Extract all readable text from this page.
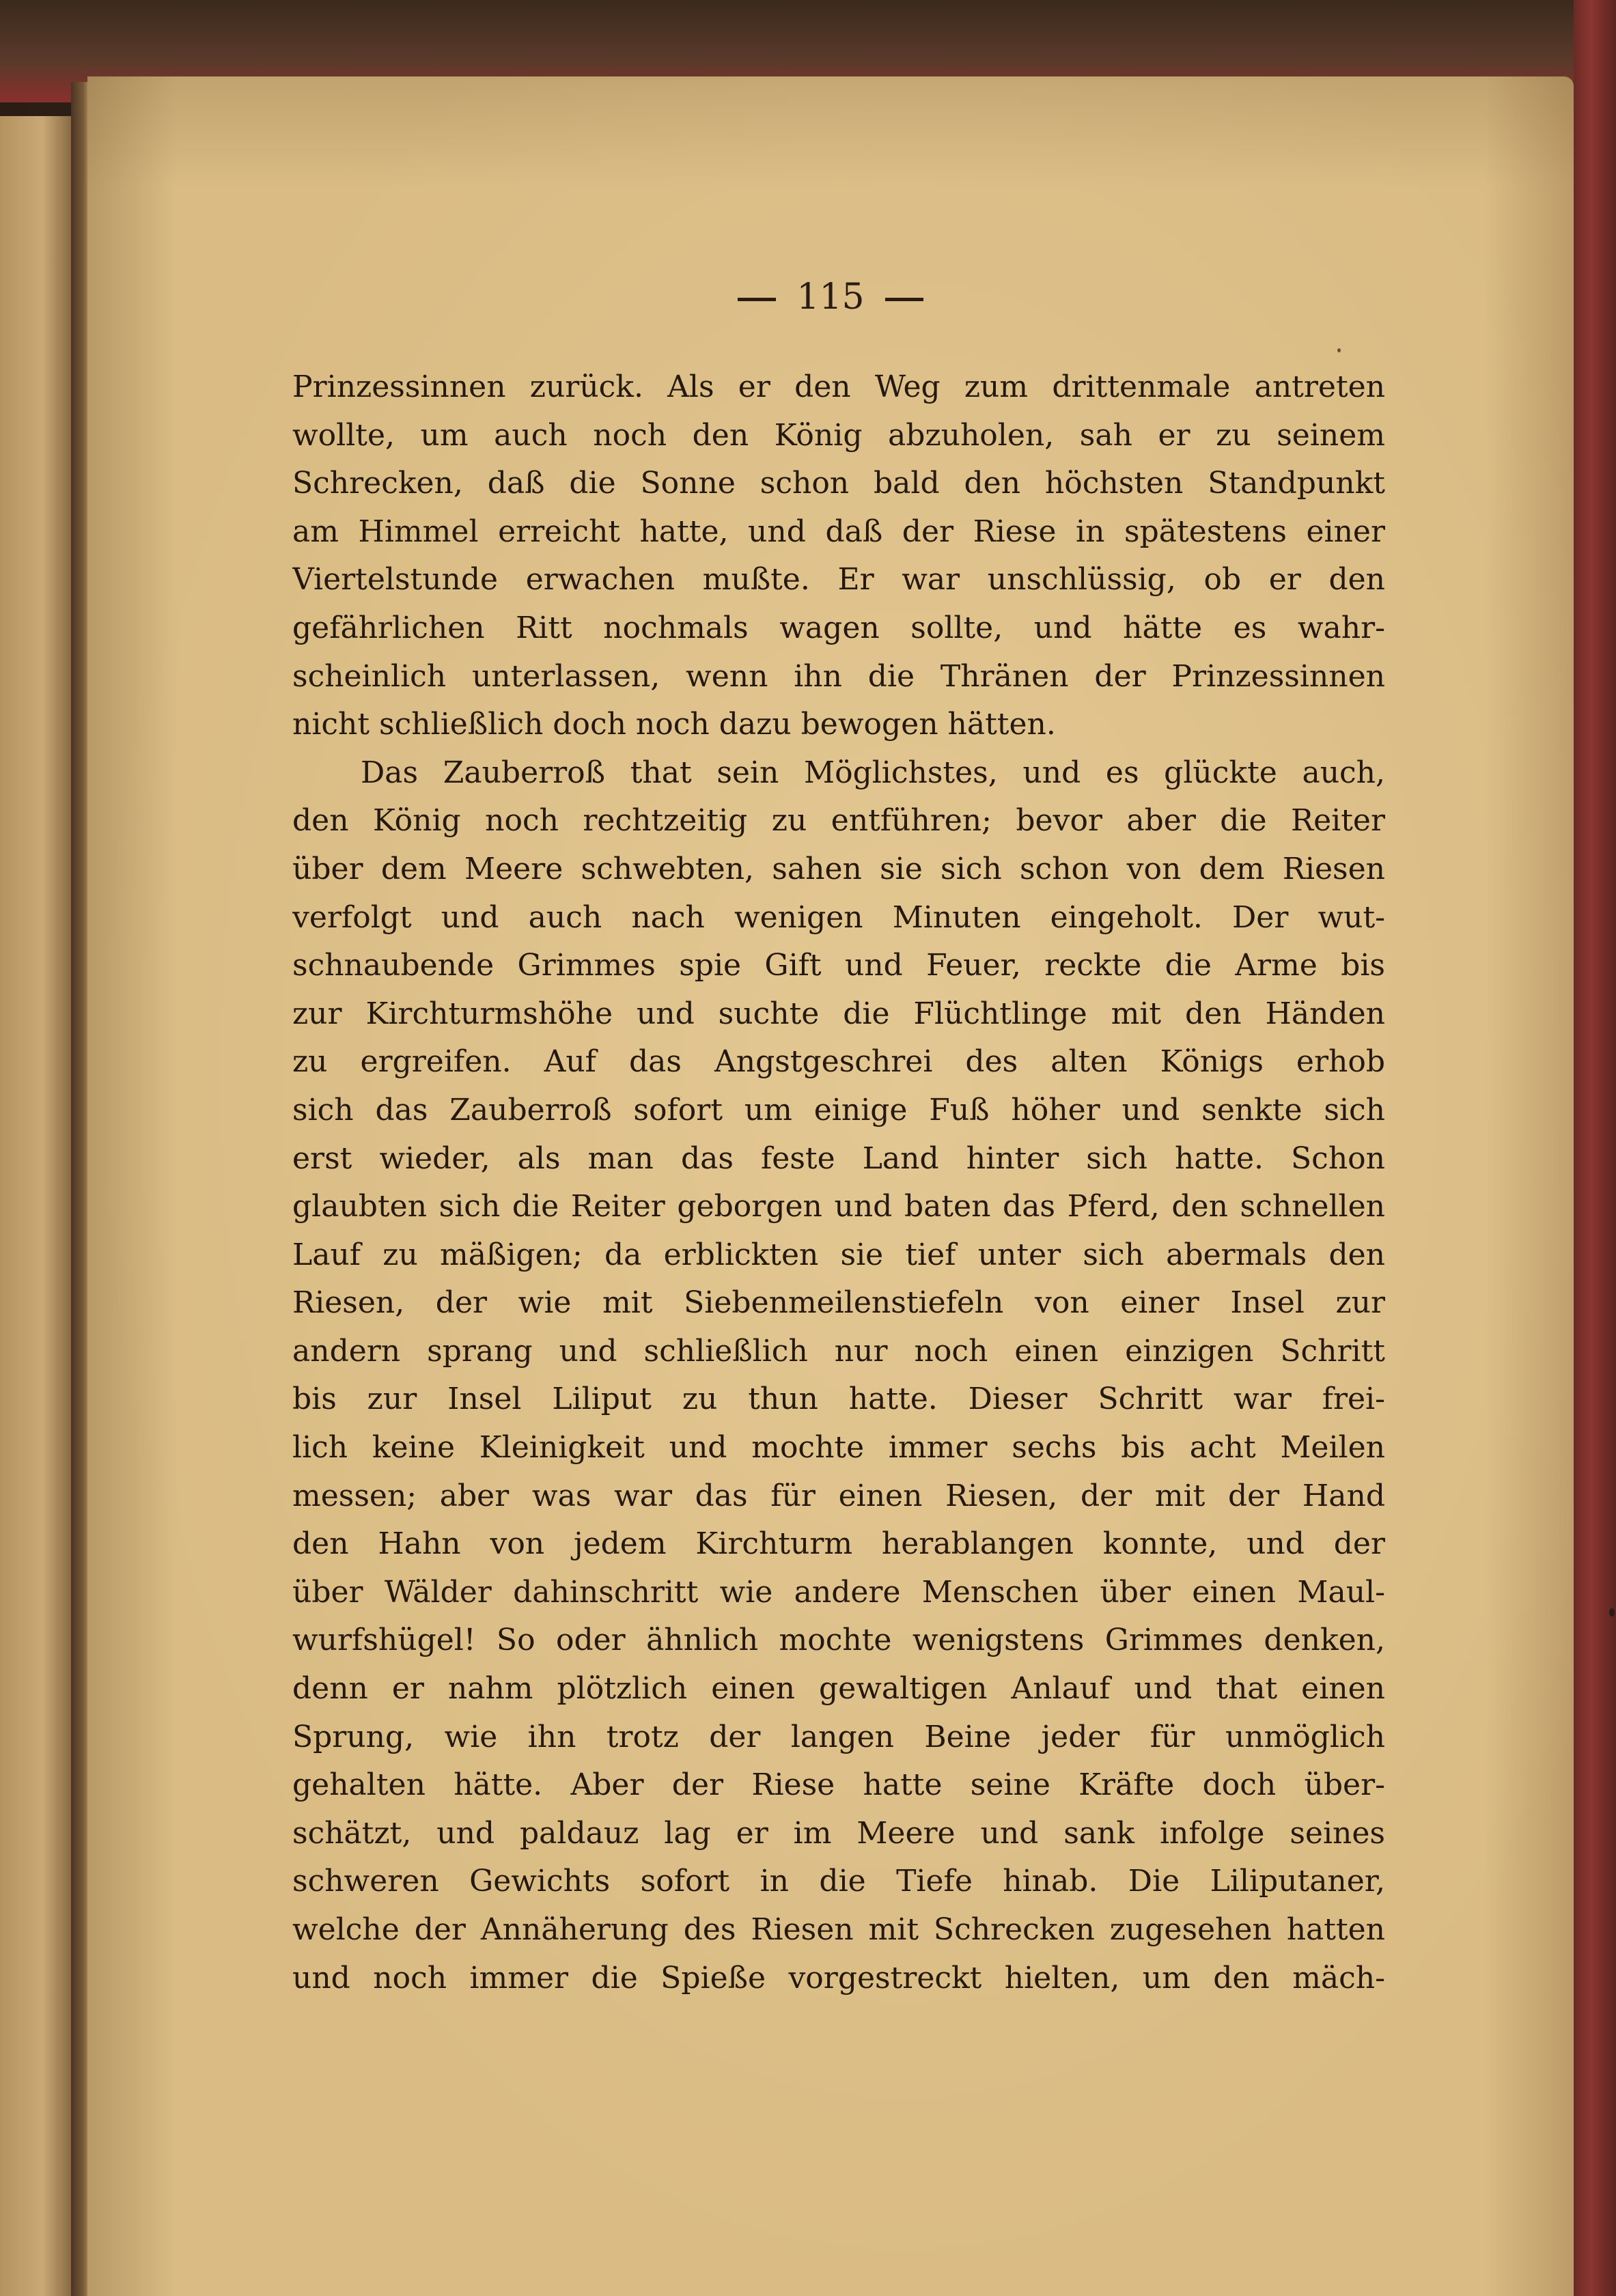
115
Prinzessinnen zurück. Als er den Weg zum drittenmale antreten
wollte, um auch noch den König abzuholen, sah er zu seinem
Schrecken, daß die Sonne schon bald den höchsten Standpunkt
am Himmel erreicht hatte, und daß der Riese in spätestens einer
Viertelstunde erwachen mußte. Er war unschlüssig, ob er den
gefährlichen Ritt nochmals wagen sollte, und hätte es wahr-
scheinlich unterlassen, wenn ihn die Thränen der Prinzessinnen
nicht schließlich doch noch dazu bewogen hätten.
Das Zauberroß that sein Möglichstes, und es glückte auch,
den König noch rechtzeitig zu entführen; bevor aber die Reiter
über dem Meere schwebten, sahen sie sich schon von dem Riesen
verfolgt und auch nach wenigen Minuten eingeholt. Der wut-
schnaubende Grimmes spie Gift und Feuer, reckte die Arme bis
zur Kirchturmshöhe und suchte die Flüchtlinge mit den Händen
zu ergreifen. Auf das Angstgeschrei des alten Königs erhob
sich das Zauberroß sofort um einige Fuß höher und senkte sich
erst wieder, als man das feste Land hinter sich hatte. Schon
glaubten sich die Reiter geborgen und baten das Pferd, den schnellen
Lauf zu mäßigen; da erblickten sie tief unter sich abermals den
Riesen, der wie mit Siebenmeilenstiefeln von einer Insel zur
andern sprang und schließlich nur noch einen einzigen Schritt
bis zur Insel Liliput zu thun hatte. Dieser Schritt war frei-
lich keine Kleinigkeit und mochte immer sechs bis acht Meilen
messen; aber was war das für einen Riesen, der mit der Hand
den Hahn von jedem Kirchturm herablangen konnte, und der
über Wälder dahinschritt wie andere Menschen über einen Maul-
wurfshügel! So oder ähnlich mochte wenigstens Grimmes denken,
denn er nahm plötzlich einen gewaltigen Anlauf und that einen
Sprung, wie ihn trotz der langen Beine jeder für unmöglich
gehalten hätte. Aber der Riese hatte seine Kräfte doch über-
schätzt, und paldauz lag er im Meere und sank infolge seines
schweren Gewichts sofort in die Tiefe hinab. Die Liliputaner,
welche der Annäherung des Riesen mit Schrecken zugesehen hatten
und noch immer die Spieße vorgestreckt hielten, um den mäch-
